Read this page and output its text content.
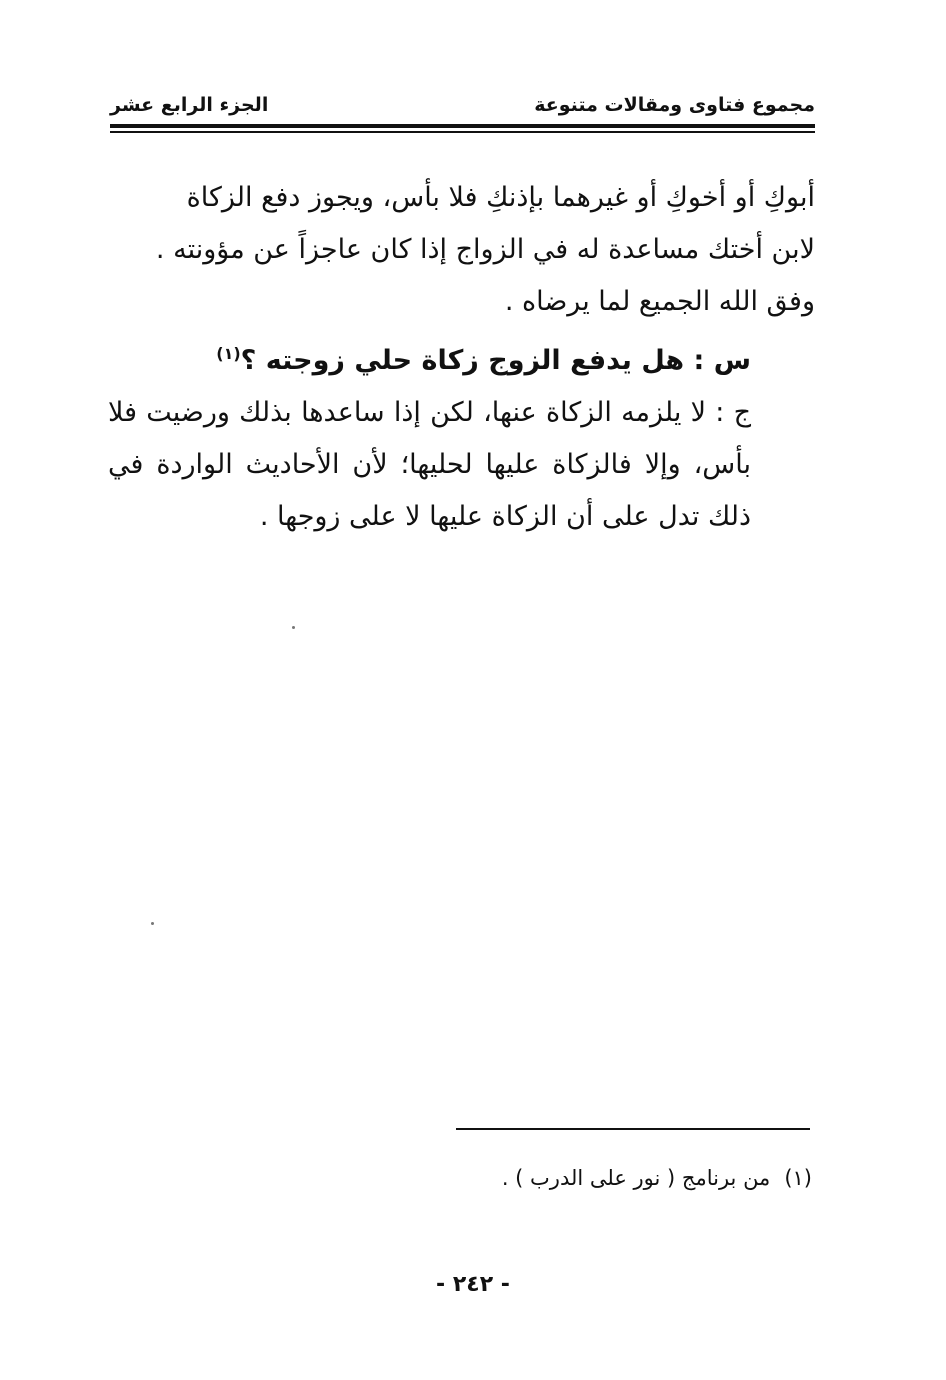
مجموع فتاوى ومقالات متنوعة
الجزء الرابع عشر

أبوكِ أو أخوكِ أو غيرهما بإذنكِ فلا بأس، ويجوز دفع الزكاة

لابن أختك مساعدة له في الزواج إذا كان عاجزاً عن مؤونته .

وفق الله الجميع لما يرضاه .

س : هل يدفع الزوج زكاة حلي زوجته ؟$^{(١)}$

ج : لا يلزمه الزكاة عنها، لكن إذا ساعدها بذلك ورضيت فلا بأس، وإلا فالزكاة عليها لحليها؛ لأن الأحاديث الواردة في ذلك تدل على أن الزكاة عليها لا على زوجها .

(١)من برنامج ( نور على الدرب ) .
- ٢٤٢ -
